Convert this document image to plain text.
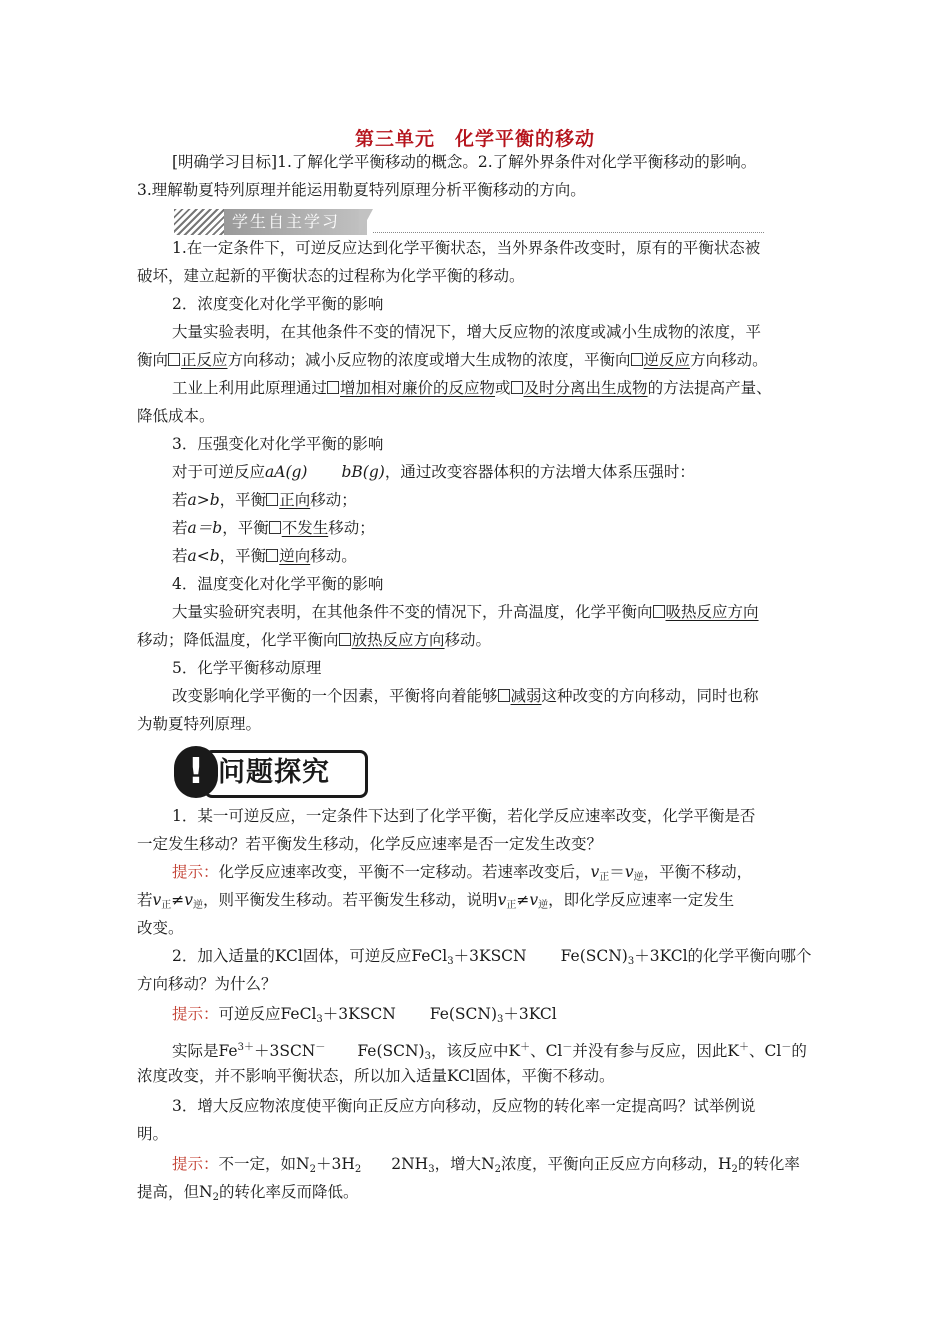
第三单元　化学平衡的移动
[明确学习目标]1.了解化学平衡移动的概念。2.了解外界条件对化学平衡移动的影响。
3.理解勒夏特列原理并能运用勒夏特列原理分析平衡移动的方向。
学生自主学习
1.在一定条件下，可逆反应达到化学平衡状态，当外界条件改变时，原有的平衡状态被
破坏，建立起新的平衡状态的过程称为化学平衡的移动。
2．浓度变化对化学平衡的影响
大量实验表明，在其他条件不变的情况下，增大反应物的浓度或减小生成物的浓度，平
衡向 正反应方向移动；减小反应物的浓度或增大生成物的浓度，平衡向 逆反应方向移动。
工业上利用此原理通过 增加相对廉价的反应物或 及时分离出生成物的方法提高产量、
降低成本。
3．压强变化对化学平衡的影响
对于可逆反应aA(g) bB(g)，通过改变容器体积的方法增大体系压强时：
若a>b，平衡 正向移动；
若a＝b，平衡 不发生移动；
若a<b，平衡 逆向移动。
4．温度变化对化学平衡的影响
大量实验研究表明，在其他条件不变的情况下，升高温度，化学平衡向 吸热反应方向
移动；降低温度，化学平衡向 放热反应方向移动。
5．化学平衡移动原理
改变影响化学平衡的一个因素，平衡将向着能够 减弱这种改变的方向移动，同时也称
为勒夏特列原理。
! 问题探究
1．某一可逆反应，一定条件下达到了化学平衡，若化学反应速率改变，化学平衡是否
一定发生移动？若平衡发生移动，化学反应速率是否一定发生改变？
提示：化学反应速率改变，平衡不一定移动。若速率改变后，$v_正=v_逆$，平衡不移动，
若$v_正\ne v_逆$，则平衡发生移动。若平衡发生移动，说明$v_正\ne v_逆$，即化学反应速率一定发生
改变。
2．加入适量的KCl固体，可逆反应FeCl$_3$＋3KSCN $Fe(SCN)_3+3KCl$的化学平衡向哪个
方向移动？为什么？
提示：可逆反应FeCl$_3$＋3KSCN $Fe(SCN)_3+3KCl$
实际是$Fe^{3+}+3SCN^-$ $Fe(SCN)_3$，该反应中K＋、Cl－并没有参与反应，因此K＋、Cl－的
浓度改变，并不影响平衡状态，所以加入适量KCl固体，平衡不移动。
3．增大反应物浓度使平衡向正反应方向移动，反应物的转化率一定提高吗？试举例说
明。
提示：不一定，如$N_2+3H_2$ $2NH_3$，增大$N_2$浓度，平衡向正反应方向移动，$H_2$的转化率
提高，但$N_2$的转化率反而降低。
